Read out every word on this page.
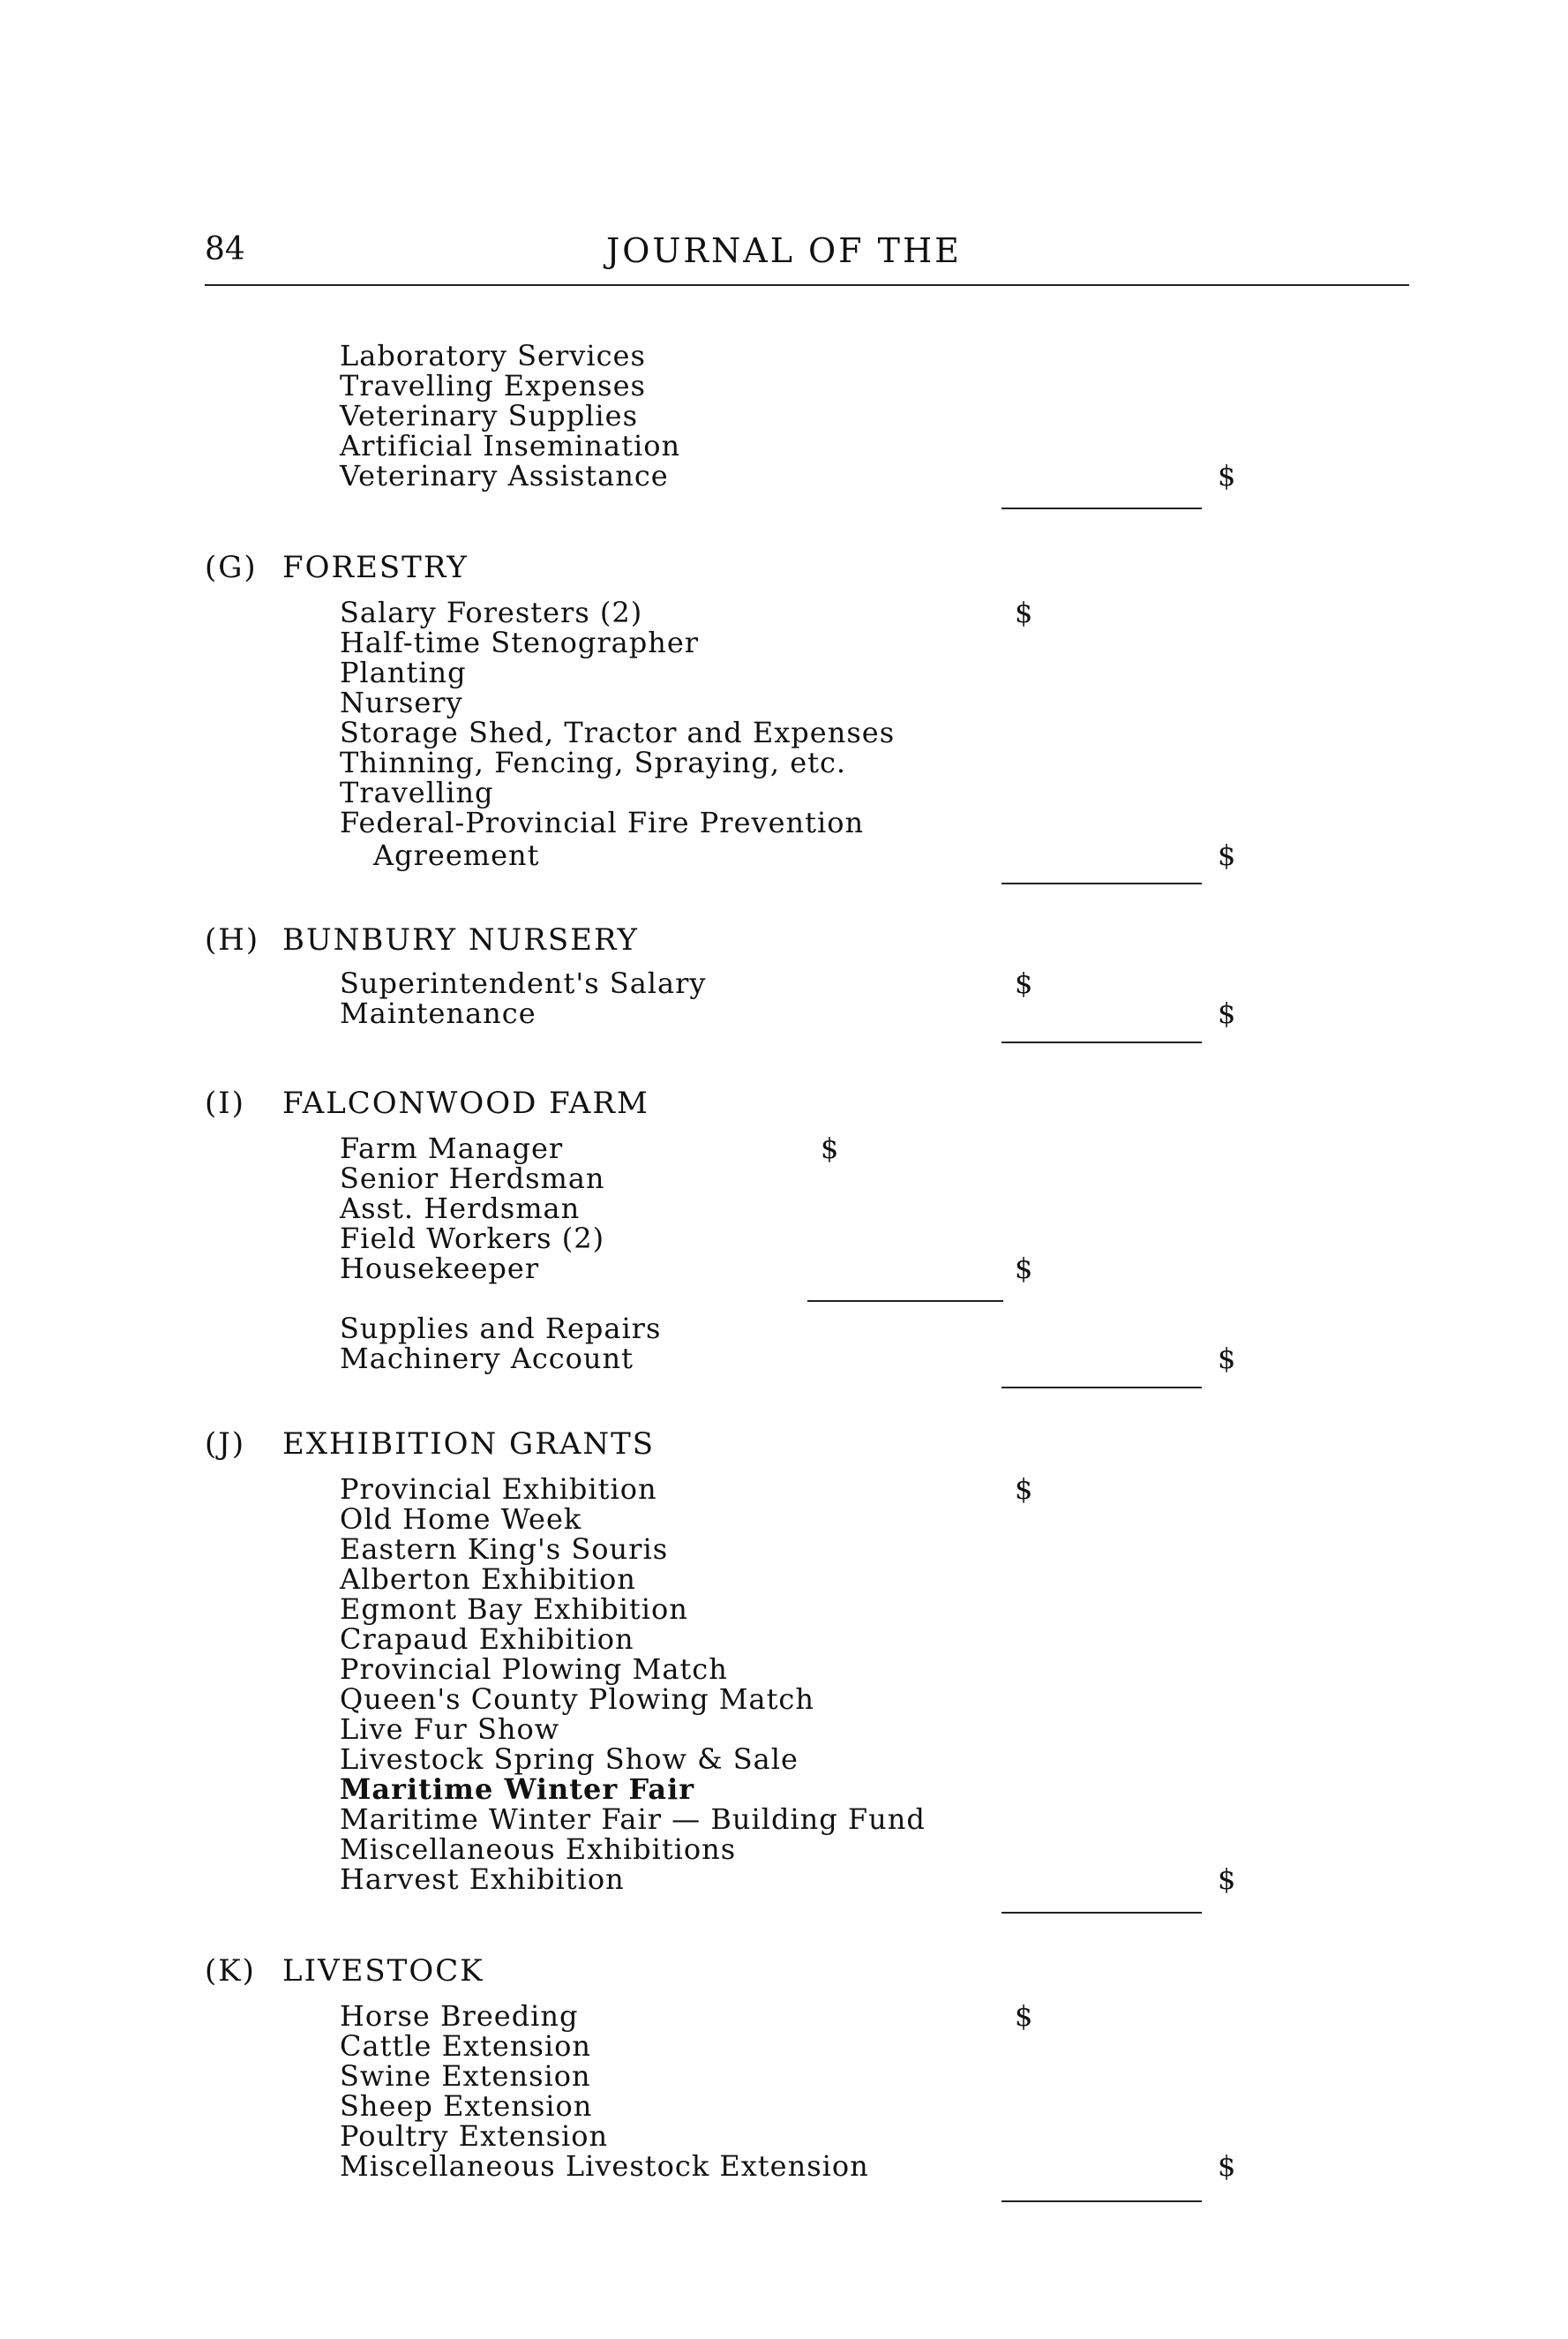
84	JOURNAL OF THE
Laboratory Services
Travelling Expenses
Veterinary Supplies
Artificial Insemination
Veterinary Assistance	$
(G) FORESTRY
Salary Foresters (2)	$
Half-time Stenographer
Planting
Nursery
Storage Shed, Tractor and Expenses
Thinning, Fencing, Spraying, etc.
Travelling
Federal-Provincial Fire Prevention
Agreement	$
(H) BUNBURY NURSERY
Superintendent's Salary	$
Maintenance	$
(I) FALCONWOOD FARM
Farm Manager	$
Senior Herdsman
Asst. Herdsman
Field Workers (2)
Housekeeper	$
Supplies and Repairs
Machinery Account	$
(J) EXHIBITION GRANTS
Provincial Exhibition	$
Old Home Week
Eastern King's Souris
Alberton Exhibition
Egmont Bay Exhibition
Crapaud Exhibition
Provincial Plowing Match
Queen's County Plowing Match
Live Fur Show
Livestock Spring Show & Sale
Maritime Winter Fair
Maritime Winter Fair — Building Fund
Miscellaneous Exhibitions
Harvest Exhibition	$
(K) LIVESTOCK
Horse Breeding	$
Cattle Extension
Swine Extension
Sheep Extension
Poultry Extension
Miscellaneous Livestock Extension	$
